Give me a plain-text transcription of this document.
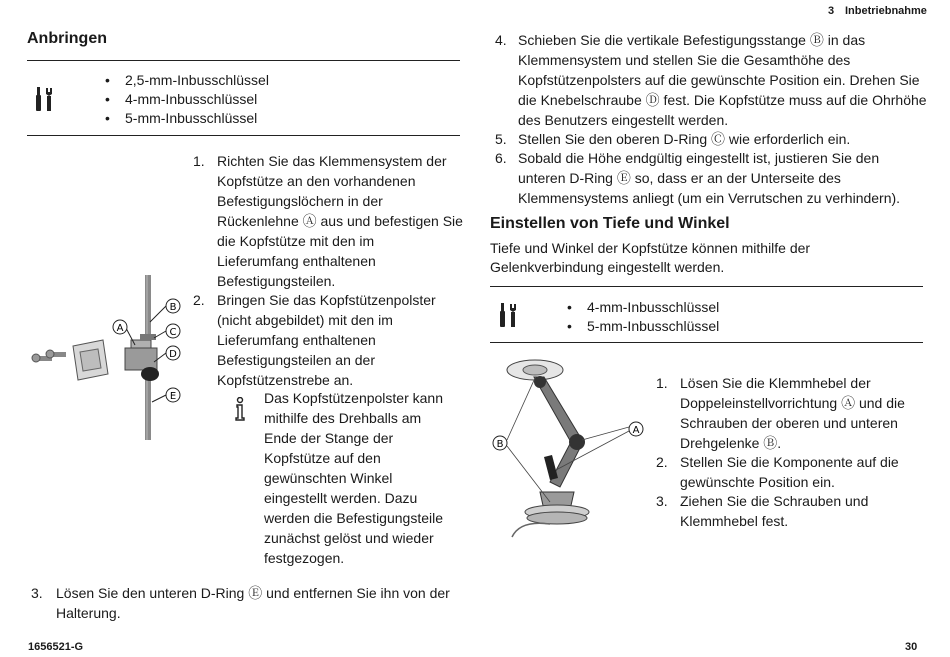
3 Inbetriebnahme
Anbringen
• 2,5-mm-Inbusschlüssel
• 4-mm-Inbusschlüssel
• 5-mm-Inbusschlüssel
A
B
C
D
E
1. Richten Sie das Klemmensystem der
Kopfstütze an den vorhandenen
Befestigungslöchern in der
Rückenlehne Ⓐ aus und befestigen Sie
die Kopfstütze mit den im
Lieferumfang enthaltenen
Befestigungsteilen.
2. Bringen Sie das Kopfstützenpolster
(nicht abgebildet) mit den im
Lieferumfang enthaltenen
Befestigungsteilen an der
Kopfstützenstrebe an.
Das Kopfstützenpolster kann
mithilfe des Drehballs am
Ende der Stange der
Kopfstütze auf den
gewünschten Winkel
eingestellt werden. Dazu
werden die Befestigungsteile
zunächst gelöst und wieder
festgezogen.
3. Lösen Sie den unteren D-Ring Ⓔ und entfernen Sie ihn von der
Halterung.
4. Schieben Sie die vertikale Befestigungsstange Ⓑ in das
Klemmensystem und stellen Sie die Gesamthöhe des
Kopfstützenpolsters auf die gewünschte Position ein. Drehen Sie
die Knebelschraube Ⓓ fest. Die Kopfstütze muss auf die Ohrhöhe
des Benutzers eingestellt werden.
5. Stellen Sie den oberen D-Ring Ⓒ wie erforderlich ein.
6. Sobald die Höhe endgültig eingestellt ist, justieren Sie den
unteren D-Ring Ⓔ so, dass er an der Unterseite des
Klemmensystems anliegt (um ein Verrutschen zu verhindern).
Einstellen von Tiefe und Winkel
Tiefe und Winkel der Kopfstütze können mithilfe der
Gelenkverbindung eingestellt werden.
• 4-mm-Inbusschlüssel
• 5-mm-Inbusschlüssel
B
A
1. Lösen Sie die Klemmhebel der
Doppeleinstellvorrichtung Ⓐ und die
Schrauben der oberen und unteren
Drehgelenke Ⓑ.
2. Stellen Sie die Komponente auf die
gewünschte Position ein.
3. Ziehen Sie die Schrauben und
Klemmhebel fest.
1656521-G	30
